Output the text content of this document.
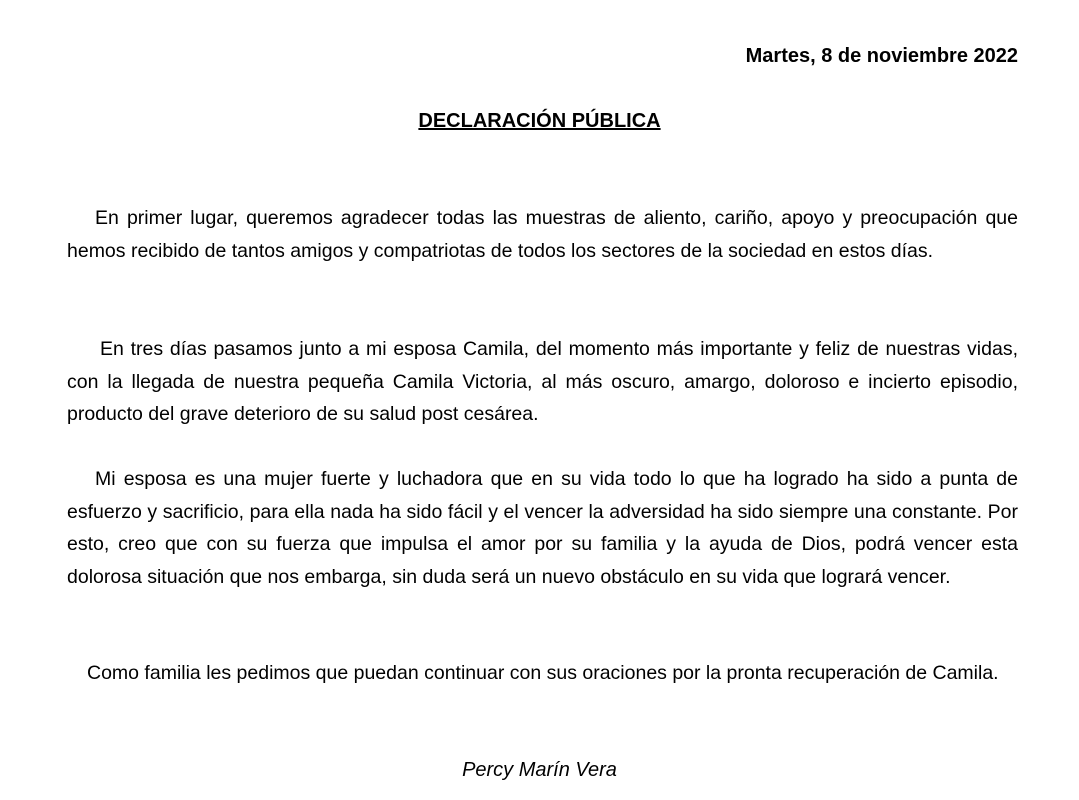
Martes, 8 de noviembre 2022
DECLARACIÓN PÚBLICA

En primer lugar, queremos agradecer todas las muestras de aliento, cariño, apoyo y preocupación que hemos recibido de tantos amigos y compatriotas de todos los sectores de la sociedad en estos días.

En tres días pasamos junto a mi esposa Camila, del momento más importante y feliz de nuestras vidas, con la llegada de nuestra pequeña Camila Victoria, al más oscuro, amargo, doloroso e incierto episodio, producto del grave deterioro de su salud post cesárea.

Mi esposa es una mujer fuerte y luchadora que en su vida todo lo que ha logrado ha sido a punta de esfuerzo y sacrificio, para ella nada ha sido fácil y el vencer la adversidad ha sido siempre una constante. Por esto, creo que con su fuerza que impulsa el amor por su familia y la ayuda de Dios, podrá vencer esta dolorosa situación que nos embarga, sin duda será un nuevo obstáculo en su vida que logrará vencer.

Como familia les pedimos que puedan continuar con sus oraciones por la pronta recuperación de Camila.

Percy Marín Vera
